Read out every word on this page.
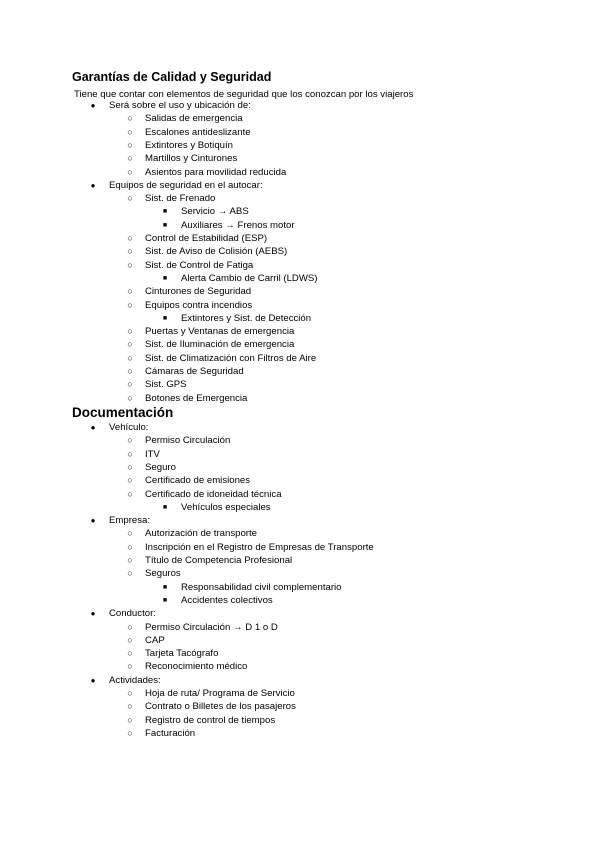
Garantías de Calidad y Seguridad

Tiene que contar con elementos de seguridad que los conozcan por los viajeros

●	Será sobre el uso y ubicación de:
○	Salidas de emergencia
○	Escalones antideslizante
○	Extintores y Botiquín
○	Martillos y Cinturones
○	Asientos para movilidad reducida
●	Equipos de seguridad en el autocar:
○	Sist. de Frenado
■	Servicio → ABS
■	Auxiliares → Frenos motor
○	Control de Estabilidad (ESP)
○	Sist. de Aviso de Colisión (AEBS)
○	Sist. de Control de Fatiga
■	Alerta Cambio de Carril (LDWS)
○	Cinturones de Seguridad
○	Equipos contra incendios
■	Extintores y Sist. de Detección
○	Puertas y Ventanas de emergencia
○	Sist. de Iluminación de emergencia
○	Sist. de Climatización con Filtros de Aire
○	Cámaras de Seguridad
○	Sist. GPS
○	Botones de Emergencia
Documentación
●	Vehículo:
○	Permiso Circulación
○	ITV
○	Seguro
○	Certificado de emisiones
○	Certificado de idoneidad técnica
■	Vehículos especiales
●	Empresa:
○	Autorización de transporte
○	Inscripción en el Registro de Empresas de Transporte
○	Título de Competencia Profesional
○	Seguros
■	Responsabilidad civil complementario
■	Accidentes colectivos
●	Conductor:
○	Permiso Circulación → D 1 o D
○	CAP
○	Tarjeta Tacógrafo
○	Reconocimiento médico
●	Actividades:
○	Hoja de ruta/ Programa de Servicio
○	Contrato o Billetes de los pasajeros
○	Registro de control de tiempos
○	Facturación
